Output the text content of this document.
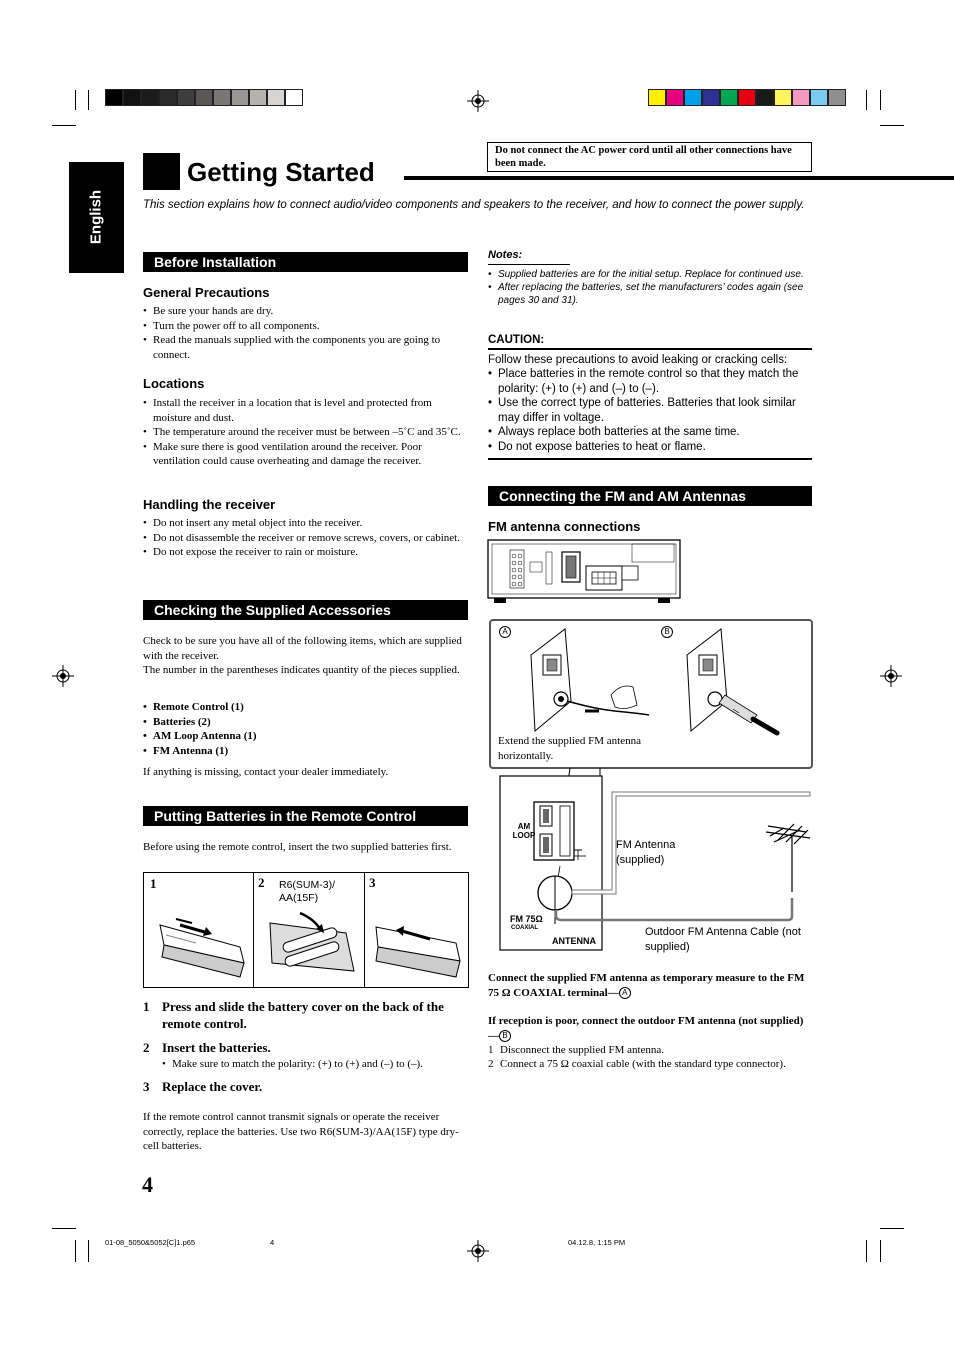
English
Getting Started
Do not connect the AC power cord until all other connections have been made.
This section explains how to connect audio/video components and speakers to the receiver, and how to connect the power supply.
Before Installation
General Precautions
• Be sure your hands are dry.
• Turn the power off to all components.
• Read the manuals supplied with the components you are going to connect.
Locations
• Install the receiver in a location that is level and protected from moisture and dust.
• The temperature around the receiver must be between –5˚C and 35˚C.
• Make sure there is good ventilation around the receiver. Poor ventilation could cause overheating and damage the receiver.
Handling the receiver
• Do not insert any metal object into the receiver.
• Do not disassemble the receiver or remove screws, covers, or cabinet.
• Do not expose the receiver to rain or moisture.
Checking the Supplied Accessories
Check to be sure you have all of the following items, which are supplied with the receiver.
The number in the parentheses indicates quantity of the pieces supplied.
• Remote Control (1)
• Batteries (2)
• AM Loop Antenna (1)
• FM Antenna (1)
If anything is missing, contact your dealer immediately.
Putting Batteries in the Remote Control
Before using the remote control, insert the two supplied batteries first.
1	2	3
R6(SUM-3)/ AA(15F)
1 Press and slide the battery cover on the back of the remote control.
2 Insert the batteries.
• Make sure to match the polarity: (+) to (+) and (–) to (–).
3 Replace the cover.
If the remote control cannot transmit signals or operate the receiver correctly, replace the batteries. Use two R6(SUM-3)/AA(15F) type dry-cell batteries.
4
Notes:
• Supplied batteries are for the initial setup. Replace for continued use.
• After replacing the batteries, set the manufacturers’ codes again (see pages 30 and 31).
CAUTION:
Follow these precautions to avoid leaking or cracking cells:
• Place batteries in the remote control so that they match the polarity: (+) to (+) and (–) to (–).
• Use the correct type of batteries. Batteries that look similar may differ in voltage.
• Always replace both batteries at the same time.
• Do not expose batteries to heat or flame.
Connecting the FM and AM Antennas
FM antenna connections
A	B
Extend the supplied FM antenna horizontally.
AM LOOP
FM 75Ω
COAXIAL
ANTENNA
FM Antenna (supplied)
Outdoor FM Antenna Cable (not supplied)
Connect the supplied FM antenna as temporary measure to the FM 75 Ω COAXIAL terminal— A
If reception is poor, connect the outdoor FM antenna (not supplied)— B
1 Disconnect the supplied FM antenna.
2 Connect a 75 Ω coaxial cable (with the standard type connector).
01-08_5050&5052[C]1.p65	4	04.12.8, 1:15 PM
